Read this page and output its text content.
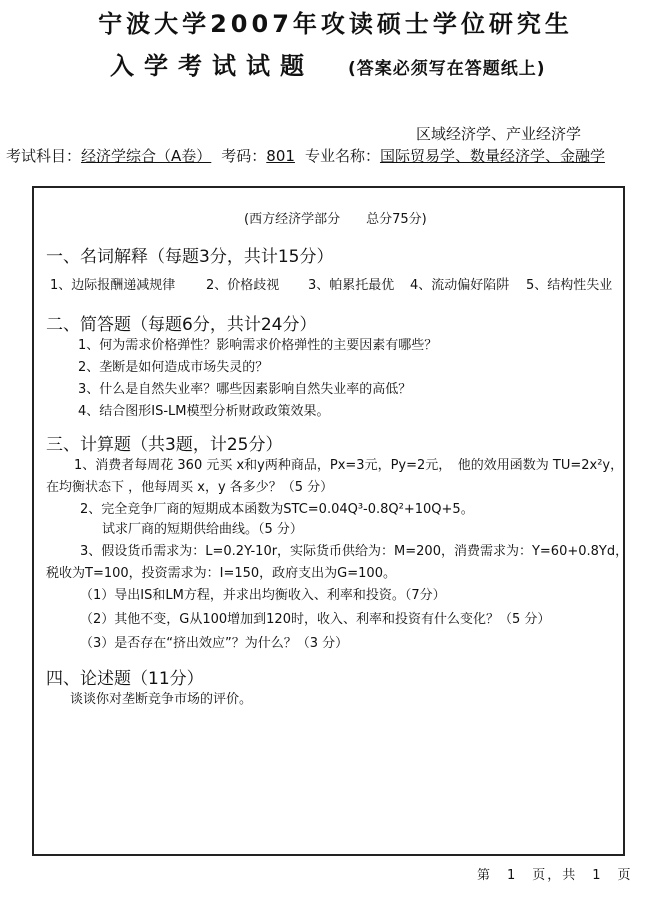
宁波大学2007年攻读硕士学位研究生
入学考试试题 (答案必须写在答题纸上)
区域经济学、产业经济学
考试科目：经济学综合（A卷） 考码：801 专业名称：国际贸易学、数量经济学、金融学
(西方经济学部分　　总分75分)
一、名词解释（每题3分，共计15分）
1、边际报酬递减规律 2、价格歧视 3、帕累托最优 4、流动偏好陷阱 5、结构性失业
二、简答题（每题6分，共计24分）
1、何为需求价格弹性？影响需求价格弹性的主要因素有哪些？
2、垄断是如何造成市场失灵的？
3、什么是自然失业率？哪些因素影响自然失业率的高低？
4、结合图形IS-LM模型分析财政政策效果。
三、计算题（共3题，计25分）
1、消费者每周花 360 元买 x和y两种商品，Px=3元，Py=2元，　他的效用函数为 TU=2x²y，
在均衡状态下 ，他每周买 x，y 各多少？（5 分）
2、完全竞争厂商的短期成本函数为STC=0.04Q³-0.8Q²+10Q+5。
试求厂商的短期供给曲线。（5 分）
3、假设货币需求为：L=0.2Y-10r，实际货币供给为：M=200，消费需求为：Y=60+0.8Yd，
税收为T=100，投资需求为：I=150，政府支出为G=100。
（1）导出IS和LM方程，并求出均衡收入、利率和投资。（7分）
（2）其他不变，G从100增加到120时，收入、利率和投资有什么变化？（5 分）
（3）是否存在“挤出效应”？为什么？（3 分）
四、论述题（11分）
谈谈你对垄断竞争市场的评价。
第　1　页，共　1　页
